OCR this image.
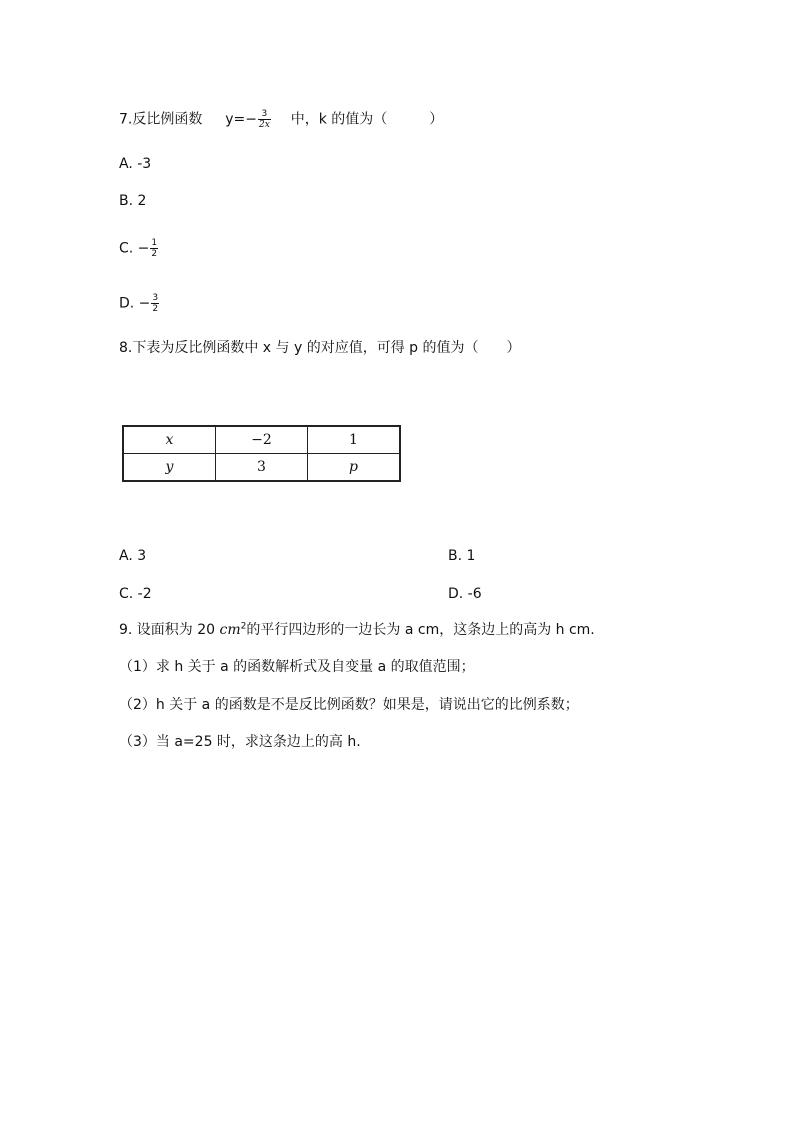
7.反比例函数 $y=- \frac{3}{2x}$ 中，k 的值为（　　　）
A. -3
B. 2
C. − $\frac{1}{2}$
D. − $\frac{3}{2}$
8.下表为反比例函数中 x 与 y 的对应值，可得 p 的值为（　　）
x	−2	1
y	3	p
A. 3	B. 1
C. -2	D. -6
9. 设面积为 20 $cm^2$的平行四边形的一边长为 a cm，这条边上的高为 h cm.
（1）求 h 关于 a 的函数解析式及自变量 a 的取值范围；
（2）h 关于 a 的函数是不是反比例函数？如果是，请说出它的比例系数；
（3）当 a=25 时，求这条边上的高 h.
